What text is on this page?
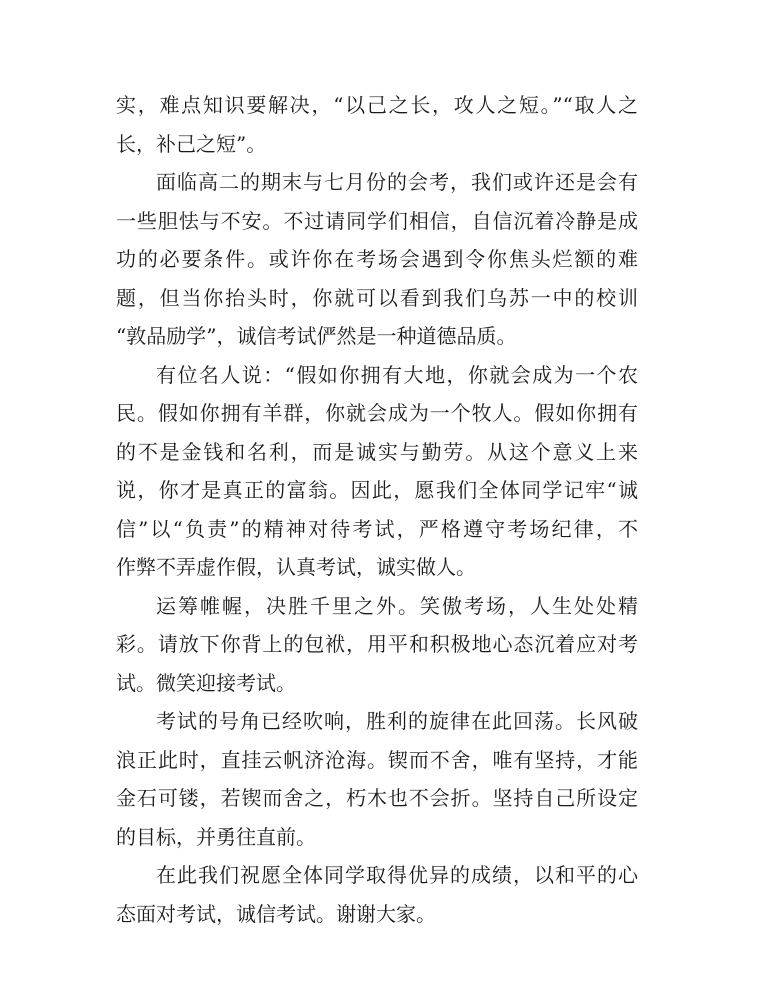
实，难点知识要解决，“以己之长，攻人之短。”“取人之
长，补己之短”。
面临高二的期末与七月份的会考，我们或许还是会有
一些胆怯与不安。不过请同学们相信，自信沉着冷静是成
功的必要条件。或许你在考场会遇到令你焦头烂额的难
题，但当你抬头时，你就可以看到我们乌苏一中的校训
“敦品励学”，诚信考试俨然是一种道德品质。
有位名人说：“假如你拥有大地，你就会成为一个农
民。假如你拥有羊群，你就会成为一个牧人。假如你拥有
的不是金钱和名利，而是诚实与勤劳。从这个意义上来
说，你才是真正的富翁。因此，愿我们全体同学记牢“诚
信”以“负责”的精神对待考试，严格遵守考场纪律，不
作弊不弄虚作假，认真考试，诚实做人。
运筹帷幄，决胜千里之外。笑傲考场，人生处处精
彩。请放下你背上的包袱，用平和积极地心态沉着应对考
试。微笑迎接考试。
考试的号角已经吹响，胜利的旋律在此回荡。长风破
浪正此时，直挂云帆济沧海。锲而不舍，唯有坚持，才能
金石可镂，若锲而舍之，朽木也不会折。坚持自己所设定
的目标，并勇往直前。
在此我们祝愿全体同学取得优异的成绩，以和平的心
态面对考试，诚信考试。谢谢大家。
